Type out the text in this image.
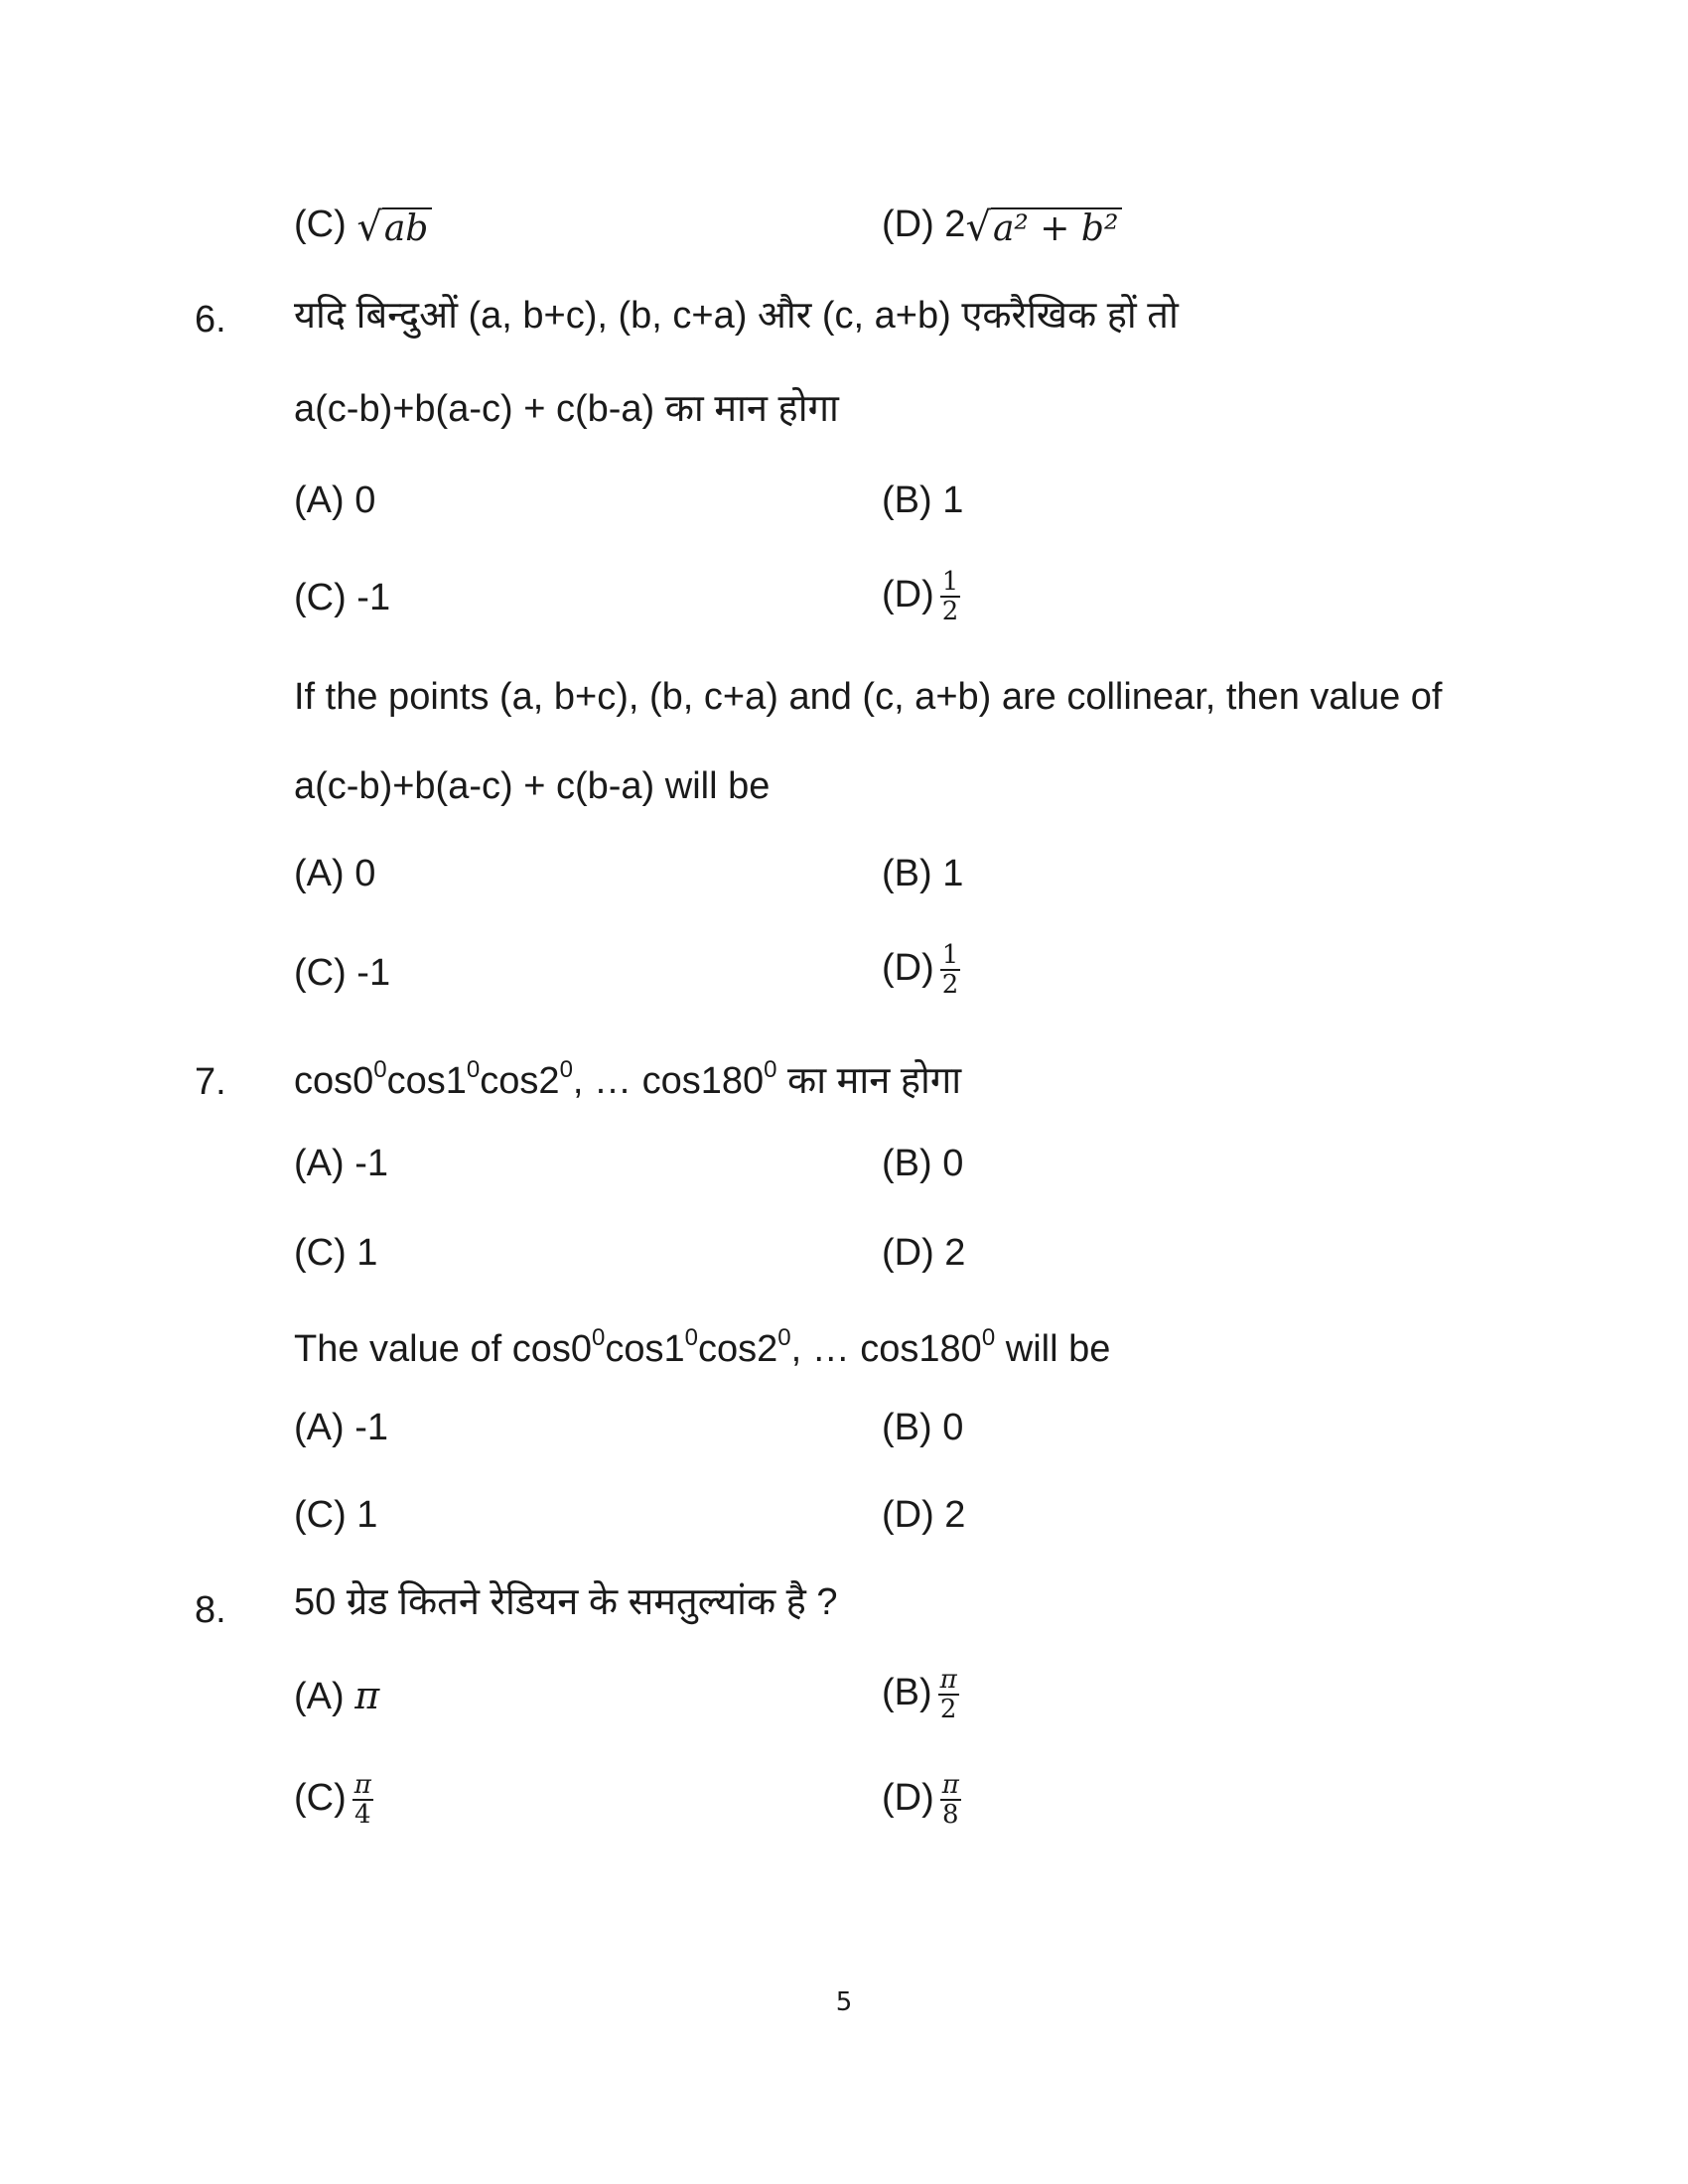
(C) √ ab	(D) 2 √ a² + b²
6. यदि बिन्दुओं (a, b+c), (b, c+a) और (c, a+b) एकरैखिक हों तो
a(c-b)+b(a-c) + c(b-a) का मान होगा
(A) 0	(B) 1
(C) -1	$(D) \frac{1}{2}$
If the points (a, b+c), (b, c+a) and (c, a+b) are collinear, then value of
a(c-b)+b(a-c) + c(b-a) will be
(A) 0	(B) 1
(C) -1	$(D) \frac{1}{2}$
7. $\cos 0^0\cos 1^0\cos 2^0$, … $\cos 180^0$ का मान होगा
(A) -1	(B) 0
(C) 1	(D) 2
The value of $\cos 0^0\cos 1^0\cos 2^0$, … $\cos 180^0$ will be
(A) -1	(B) 0
(C) 1	(D) 2
8. 50 ग्रेड कितने रेडियन के समतुल्यांक है ?
(A) π	$(B) \frac{\pi}{2}$
$(C) \frac{\pi}{4}$	$(D) \frac{\pi}{8}$
5
